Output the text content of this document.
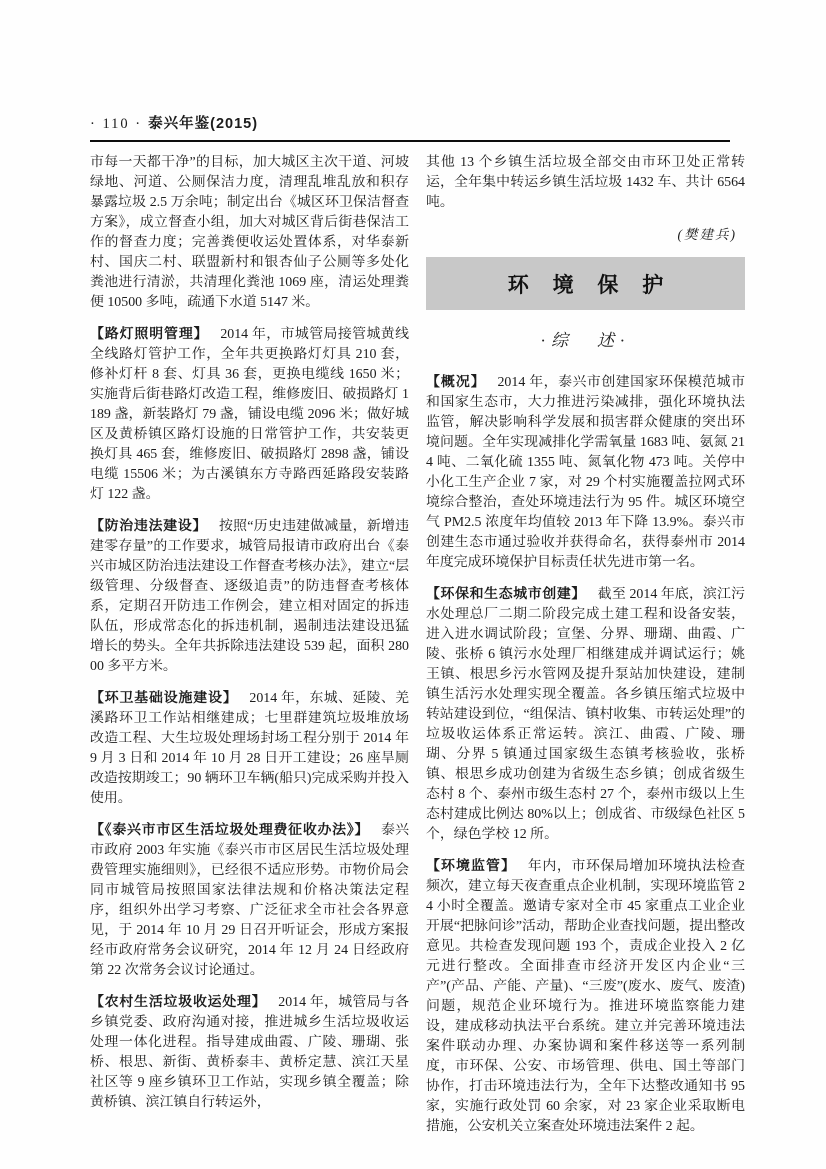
· 110 · 泰兴年鉴(2015)

市每一天都干净”的目标，加大城区主次干道、河坡绿地、河道、公厕保洁力度，清理乱堆乱放和积存暴露垃圾 2.5 万余吨；制定出台《城区环卫保洁督查方案》，成立督查小组，加大对城区背后街巷保洁工作的督查力度；完善粪便收运处置体系，对华泰新村、国庆二村、联盟新村和银杏仙子公厕等多处化粪池进行清淤，共清理化粪池 1069 座，清运处理粪便 10500 多吨，疏通下水道 5147 米。

【路灯照明管理】 2014 年，市城管局接管城黄线全线路灯管护工作，全年共更换路灯灯具 210 套，修补灯杆 8 套、灯具 36 套，更换电缆线 1650 米；实施背后街巷路灯改造工程，维修废旧、破损路灯 1189 盏，新装路灯 79 盏，铺设电缆 2096 米；做好城区及黄桥镇区路灯设施的日常管护工作，共安装更换灯具 465 套，维修废旧、破损路灯 2898 盏，铺设电缆 15506 米；为古溪镇东方寺路西延路段安装路灯 122 盏。

【防治违法建设】 按照“历史违建做减量，新增违建零存量”的工作要求，城管局报请市政府出台《泰兴市城区防治违法建设工作督查考核办法》，建立“层级管理、分级督查、逐级追责”的防违督查考核体系，定期召开防违工作例会，建立相对固定的拆违队伍，形成常态化的拆违机制，遏制违法建设迅猛增长的势头。全年共拆除违法建设 539 起，面积 28000 多平方米。

【环卫基础设施建设】 2014 年，东城、延陵、羌溪路环卫工作站相继建成；七里群建筑垃圾堆放场改造工程、大生垃圾处理场封场工程分别于 2014 年 9 月 3 日和 2014 年 10 月 28 日开工建设；26 座旱厕改造按期竣工；90 辆环卫车辆(船只)完成采购并投入使用。

【《泰兴市市区生活垃圾处理费征收办法》】 泰兴市政府 2003 年实施《泰兴市市区居民生活垃圾处理费管理实施细则》，已经很不适应形势。市物价局会同市城管局按照国家法律法规和价格决策法定程序，组织外出学习考察、广泛征求全市社会各界意见，于 2014 年 10 月 29 日召开听证会，形成方案报经市政府常务会议研究，2014 年 12 月 24 日经政府第 22 次常务会议讨论通过。

【农村生活垃圾收运处理】 2014 年，城管局与各乡镇党委、政府沟通对接，推进城乡生活垃圾收运处理一体化进程。指导建成曲霞、广陵、珊瑚、张桥、根思、新街、黄桥泰丰、黄桥定慧、滨江天星社区等 9 座乡镇环卫工作站，实现乡镇全覆盖；除黄桥镇、滨江镇自行转运外，

其他 13 个乡镇生活垃圾全部交由市环卫处正常转运，全年集中转运乡镇生活垃圾 1432 车、共计 6564 吨。

(樊建兵)
环 境 保 护
·综　述·

【概况】 2014 年，泰兴市创建国家环保模范城市和国家生态市，大力推进污染减排，强化环境执法监管，解决影响科学发展和损害群众健康的突出环境问题。全年实现减排化学需氧量 1683 吨、氨氮 214 吨、二氧化硫 1355 吨、氮氧化物 473 吨。关停中小化工生产企业 7 家，对 29 个村实施覆盖拉网式环境综合整治，查处环境违法行为 95 件。城区环境空气 PM2.5 浓度年均值较 2013 年下降 13.9%。泰兴市创建生态市通过验收并获得命名，获得泰州市 2014 年度完成环境保护目标责任状先进市第一名。

【环保和生态城市创建】 截至 2014 年底，滨江污水处理总厂二期二阶段完成土建工程和设备安装，进入进水调试阶段；宣堡、分界、珊瑚、曲霞、广陵、张桥 6 镇污水处理厂相继建成并调试运行；姚王镇、根思乡污水管网及提升泵站加快建设，建制镇生活污水处理实现全覆盖。各乡镇压缩式垃圾中转站建设到位，“组保洁、镇村收集、市转运处理”的垃圾收运体系正常运转。滨江、曲霞、广陵、珊瑚、分界 5 镇通过国家级生态镇考核验收，张桥镇、根思乡成功创建为省级生态乡镇；创成省级生态村 8 个、泰州市级生态村 27 个，泰州市级以上生态村建成比例达 80%以上；创成省、市级绿色社区 5 个，绿色学校 12 所。

【环境监管】 年内，市环保局增加环境执法检查频次，建立每天夜查重点企业机制，实现环境监管 24 小时全覆盖。邀请专家对全市 45 家重点工业企业开展“把脉问诊”活动，帮助企业查找问题，提出整改意见。共检查发现问题 193 个，责成企业投入 2 亿元进行整改。全面排查市经济开发区内企业“三产”(产品、产能、产量)、“三废”(废水、废气、废渣)问题，规范企业环境行为。推进环境监察能力建设，建成移动执法平台系统。建立并完善环境违法案件联动办理、办案协调和案件移送等一系列制度，市环保、公安、市场管理、供电、国土等部门协作，打击环境违法行为，全年下达整改通知书 95 家，实施行政处罚 60 余家，对 23 家企业采取断电措施，公安机关立案查处环境违法案件 2 起。
